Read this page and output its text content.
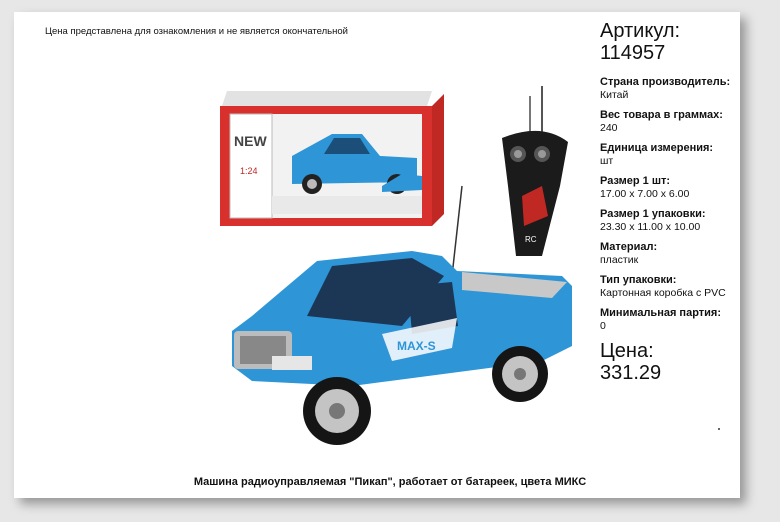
Цена представлена для ознакомления и не является окончательной
NEW
1:24
RC
MAX-S
Артикул:
114957
Страна производитель:
Китай
Вес товара в граммах:
240
Единица измерения:
шт
Размер 1 шт:
17.00 x 7.00 x 6.00
Размер 1 упаковки:
23.30 x 11.00 x 10.00
Материал:
пластик
Тип упаковки:
Картонная коробка с PVC
Минимальная партия:
0
Цена:
331.29
Машина радиоуправляемая "Пикап", работает от батареек, цвета МИКС
